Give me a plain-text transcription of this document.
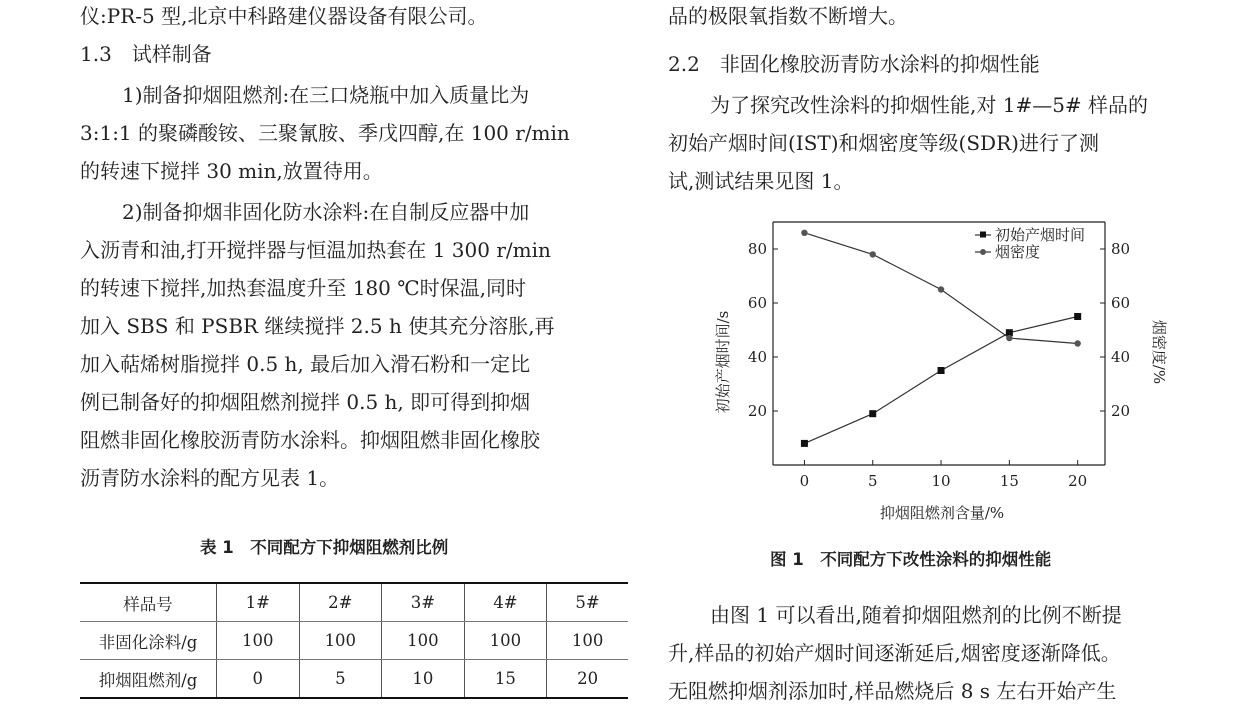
仪:PR-5 型,北京中科路建仪器设备有限公司。
1.3　试样制备
1)制备抑烟阻燃剂:在三口烧瓶中加入质量比为
3:1:1 的聚磷酸铵、三聚氰胺、季戊四醇,在 100 r/min
的转速下搅拌 30 min,放置待用。
2)制备抑烟非固化防水涂料:在自制反应器中加
入沥青和油,打开搅拌器与恒温加热套在 1 300 r/min
的转速下搅拌,加热套温度升至 180 ℃时保温,同时
加入 SBS 和 PSBR 继续搅拌 2.5 h 使其充分溶胀,再
加入萜烯树脂搅拌 0.5 h, 最后加入滑石粉和一定比
例已制备好的抑烟阻燃剂搅拌 0.5 h, 即可得到抑烟
阻燃非固化橡胶沥青防水涂料。抑烟阻燃非固化橡胶
沥青防水涂料的配方见表 1。
表 1　不同配方下抑烟阻燃剂比例
样品号	1#	2#	3#	4#	5#
非固化涂料/g	100	100	100	100	100
抑烟阻燃剂/g	0	5	10	15	20
品的极限氧指数不断增大。
2.2　非固化橡胶沥青防水涂料的抑烟性能
为了探究改性涂料的抑烟性能,对 1#—5# 样品的
初始产烟时间(IST)和烟密度等级(SDR)进行了测
试,测试结果见图 1。
由图 1 可以看出,随着抑烟阻燃剂的比例不断提
升,样品的初始产烟时间逐渐延后,烟密度逐渐降低。
无阻燃抑烟剂添加时,样品燃烧后 8 s 左右开始产生
0	5	10	15	20
20
40
60
80
20
40
60
80
初始产烟时间
烟密度
抑烟阻燃剂含量/%
初始产烟时间/s	烟密度/%
图 1　不同配方下改性涂料的抑烟性能
